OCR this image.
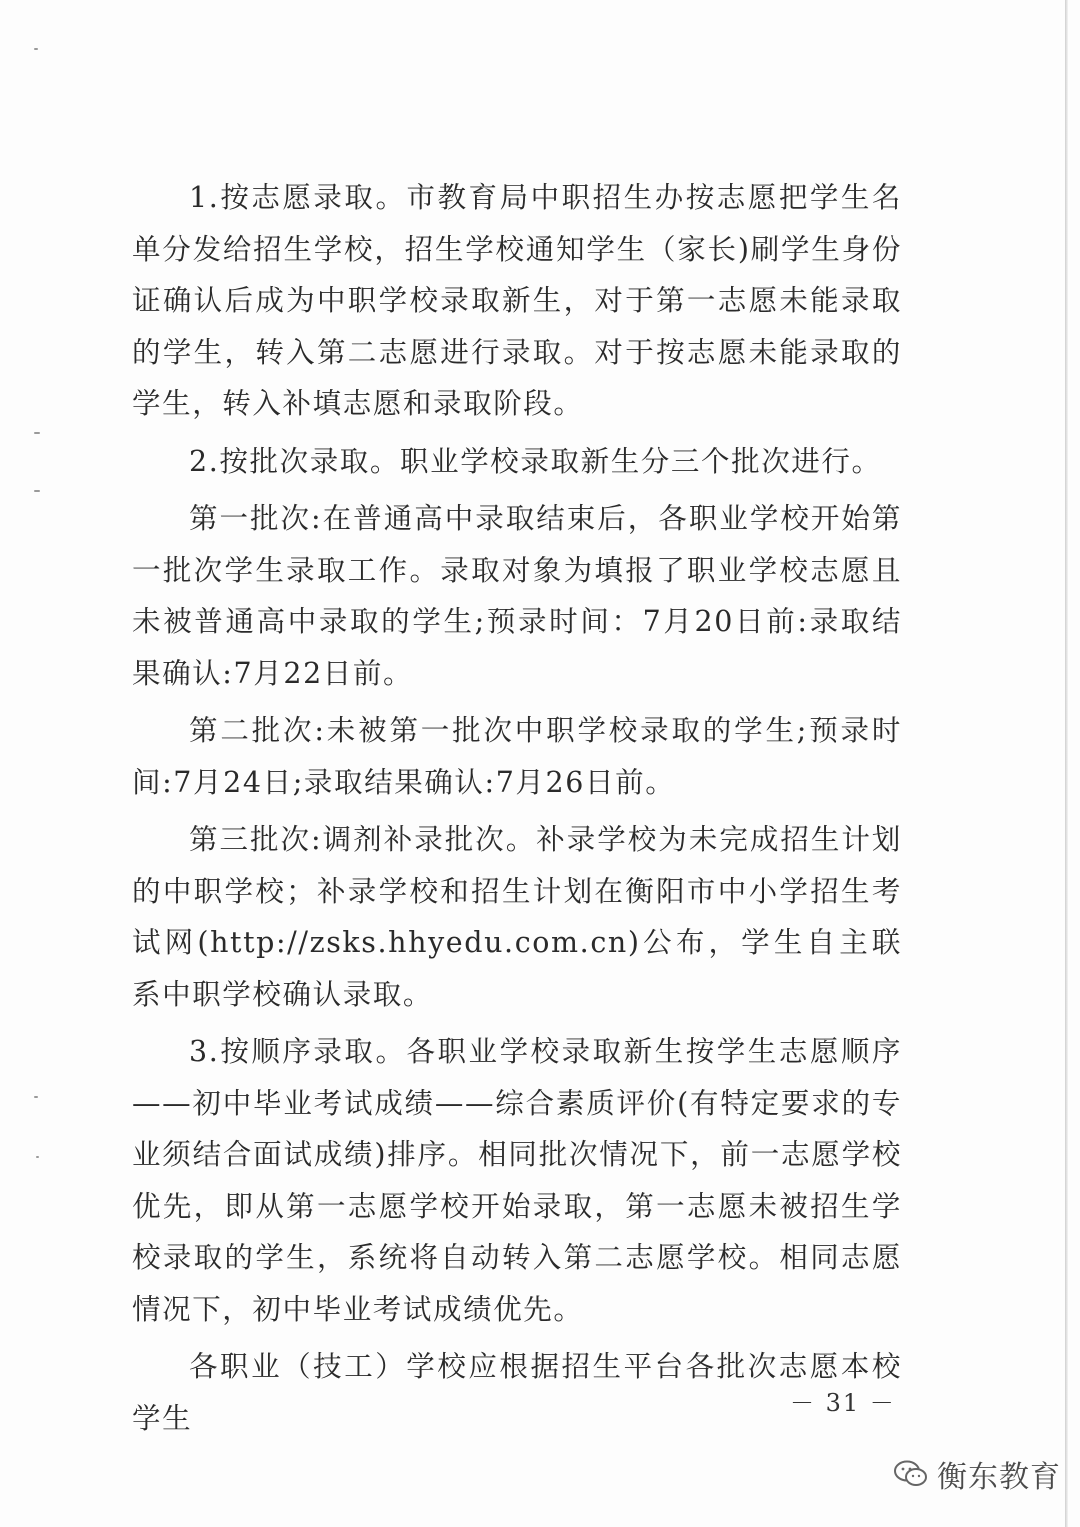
1.按志愿录取。市教育局中职招生办按志愿把学生名单分发给招生学校，招生学校通知学生（家长)刷学生身份证确认后成为中职学校录取新生，对于第一志愿未能录取的学生，转入第二志愿进行录取。对于按志愿未能录取的学生，转入补填志愿和录取阶段。

2.按批次录取。职业学校录取新生分三个批次进行。

第一批次:在普通高中录取结束后，各职业学校开始第一批次学生录取工作。录取对象为填报了职业学校志愿且未被普通高中录取的学生;预录时间：7月20日前:录取结果确认:7月22日前。

第二批次:未被第一批次中职学校录取的学生;预录时间:7月24日;录取结果确认:7月26日前。

第三批次:调剂补录批次。补录学校为未完成招生计划的中职学校；补录学校和招生计划在衡阳市中小学招生考试网(http://zsks.hhyedu.com.cn)公布，学生自主联系中职学校确认录取。

3.按顺序录取。各职业学校录取新生按学生志愿顺序——初中毕业考试成绩——综合素质评价(有特定要求的专业须结合面试成绩)排序。相同批次情况下，前一志愿学校优先，即从第一志愿学校开始录取，第一志愿未被招生学校录取的学生，系统将自动转入第二志愿学校。相同志愿情况下，初中毕业考试成绩优先。

各职业（技工）学校应根据招生平台各批次志愿本校学生	－ 31 －
衡东教育
